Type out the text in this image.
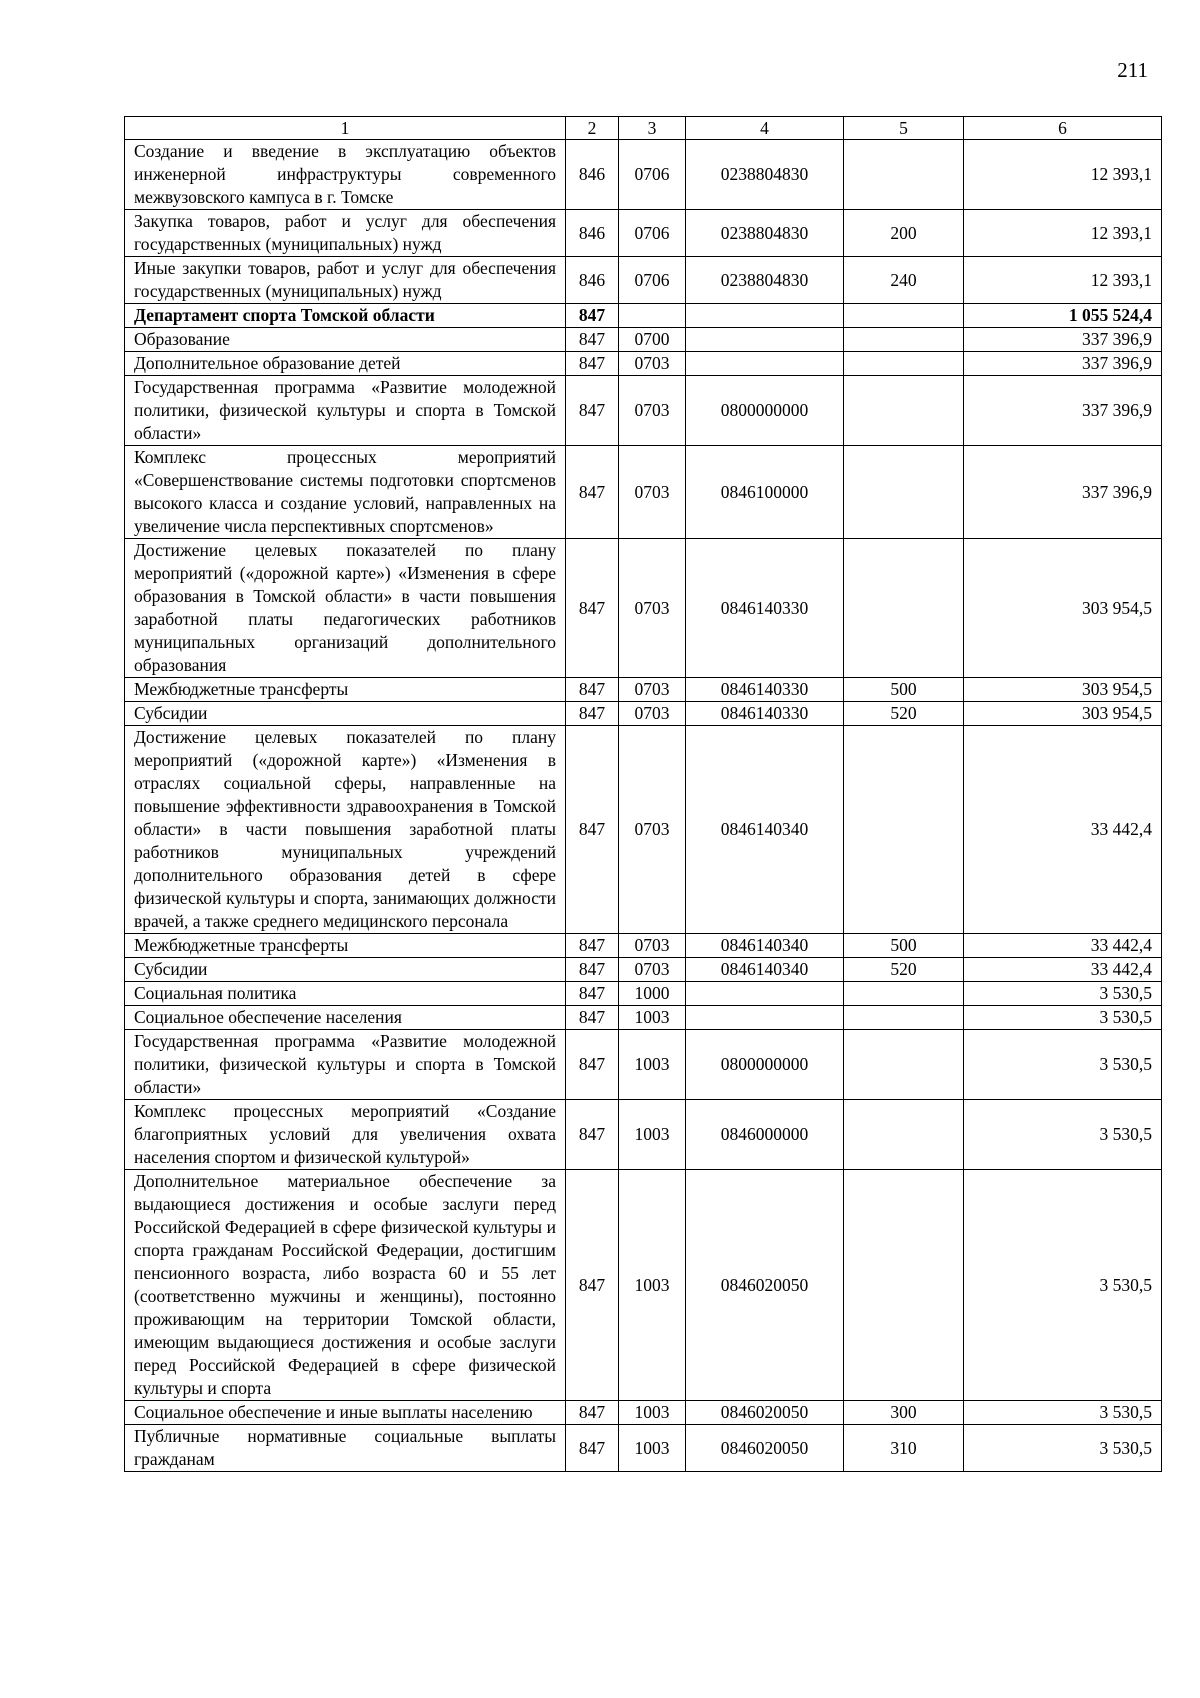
211
1	2	3	4	5	6
Создание и введение в эксплуатацию объектов инженерной инфраструктуры современного межвузовского кампуса в г. Томске	846	0706	0238804830		12 393,1
Закупка товаров, работ и услуг для обеспечения государственных (муниципальных) нужд	846	0706	0238804830	200	12 393,1
Иные закупки товаров, работ и услуг для обеспечения государственных (муниципальных) нужд	846	0706	0238804830	240	12 393,1
Департамент спорта Томской области	847				1 055 524,4
Образование	847	0700			337 396,9
Дополнительное образование детей	847	0703			337 396,9
Государственная программа «Развитие молодежной политики, физической культуры и спорта в Томской области»	847	0703	0800000000		337 396,9
Комплекс процессных мероприятий «Совершенствование системы подготовки спортсменов высокого класса и создание условий, направленных на увеличение числа перспективных спортсменов»	847	0703	0846100000		337 396,9
Достижение целевых показателей по плану мероприятий («дорожной карте») «Изменения в сфере образования в Томской области» в части повышения заработной платы педагогических работников муниципальных организаций дополнительного образования	847	0703	0846140330		303 954,5
Межбюджетные трансферты	847	0703	0846140330	500	303 954,5
Субсидии	847	0703	0846140330	520	303 954,5
Достижение целевых показателей по плану мероприятий («дорожной карте») «Изменения в отраслях социальной сферы, направленные на повышение эффективности здравоохранения в Томской области» в части повышения заработной платы работников муниципальных учреждений дополнительного образования детей в сфере физической культуры и спорта, занимающих должности врачей, а также среднего медицинского персонала	847	0703	0846140340		33 442,4
Межбюджетные трансферты	847	0703	0846140340	500	33 442,4
Субсидии	847	0703	0846140340	520	33 442,4
Социальная политика	847	1000			3 530,5
Социальное обеспечение населения	847	1003			3 530,5
Государственная программа «Развитие молодежной политики, физической культуры и спорта в Томской области»	847	1003	0800000000		3 530,5
Комплекс процессных мероприятий «Создание благоприятных условий для увеличения охвата населения спортом и физической культурой»	847	1003	0846000000		3 530,5
Дополнительное материальное обеспечение за выдающиеся достижения и особые заслуги перед Российской Федерацией в сфере физической культуры и спорта гражданам Российской Федерации, достигшим пенсионного возраста, либо возраста 60 и 55 лет (соответственно мужчины и женщины), постоянно проживающим на территории Томской области, имеющим выдающиеся достижения и особые заслуги перед Российской Федерацией в сфере физической культуры и спорта	847	1003	0846020050		3 530,5
Социальное обеспечение и иные выплаты населению	847	1003	0846020050	300	3 530,5
Публичные нормативные социальные выплаты гражданам	847	1003	0846020050	310	3 530,5
